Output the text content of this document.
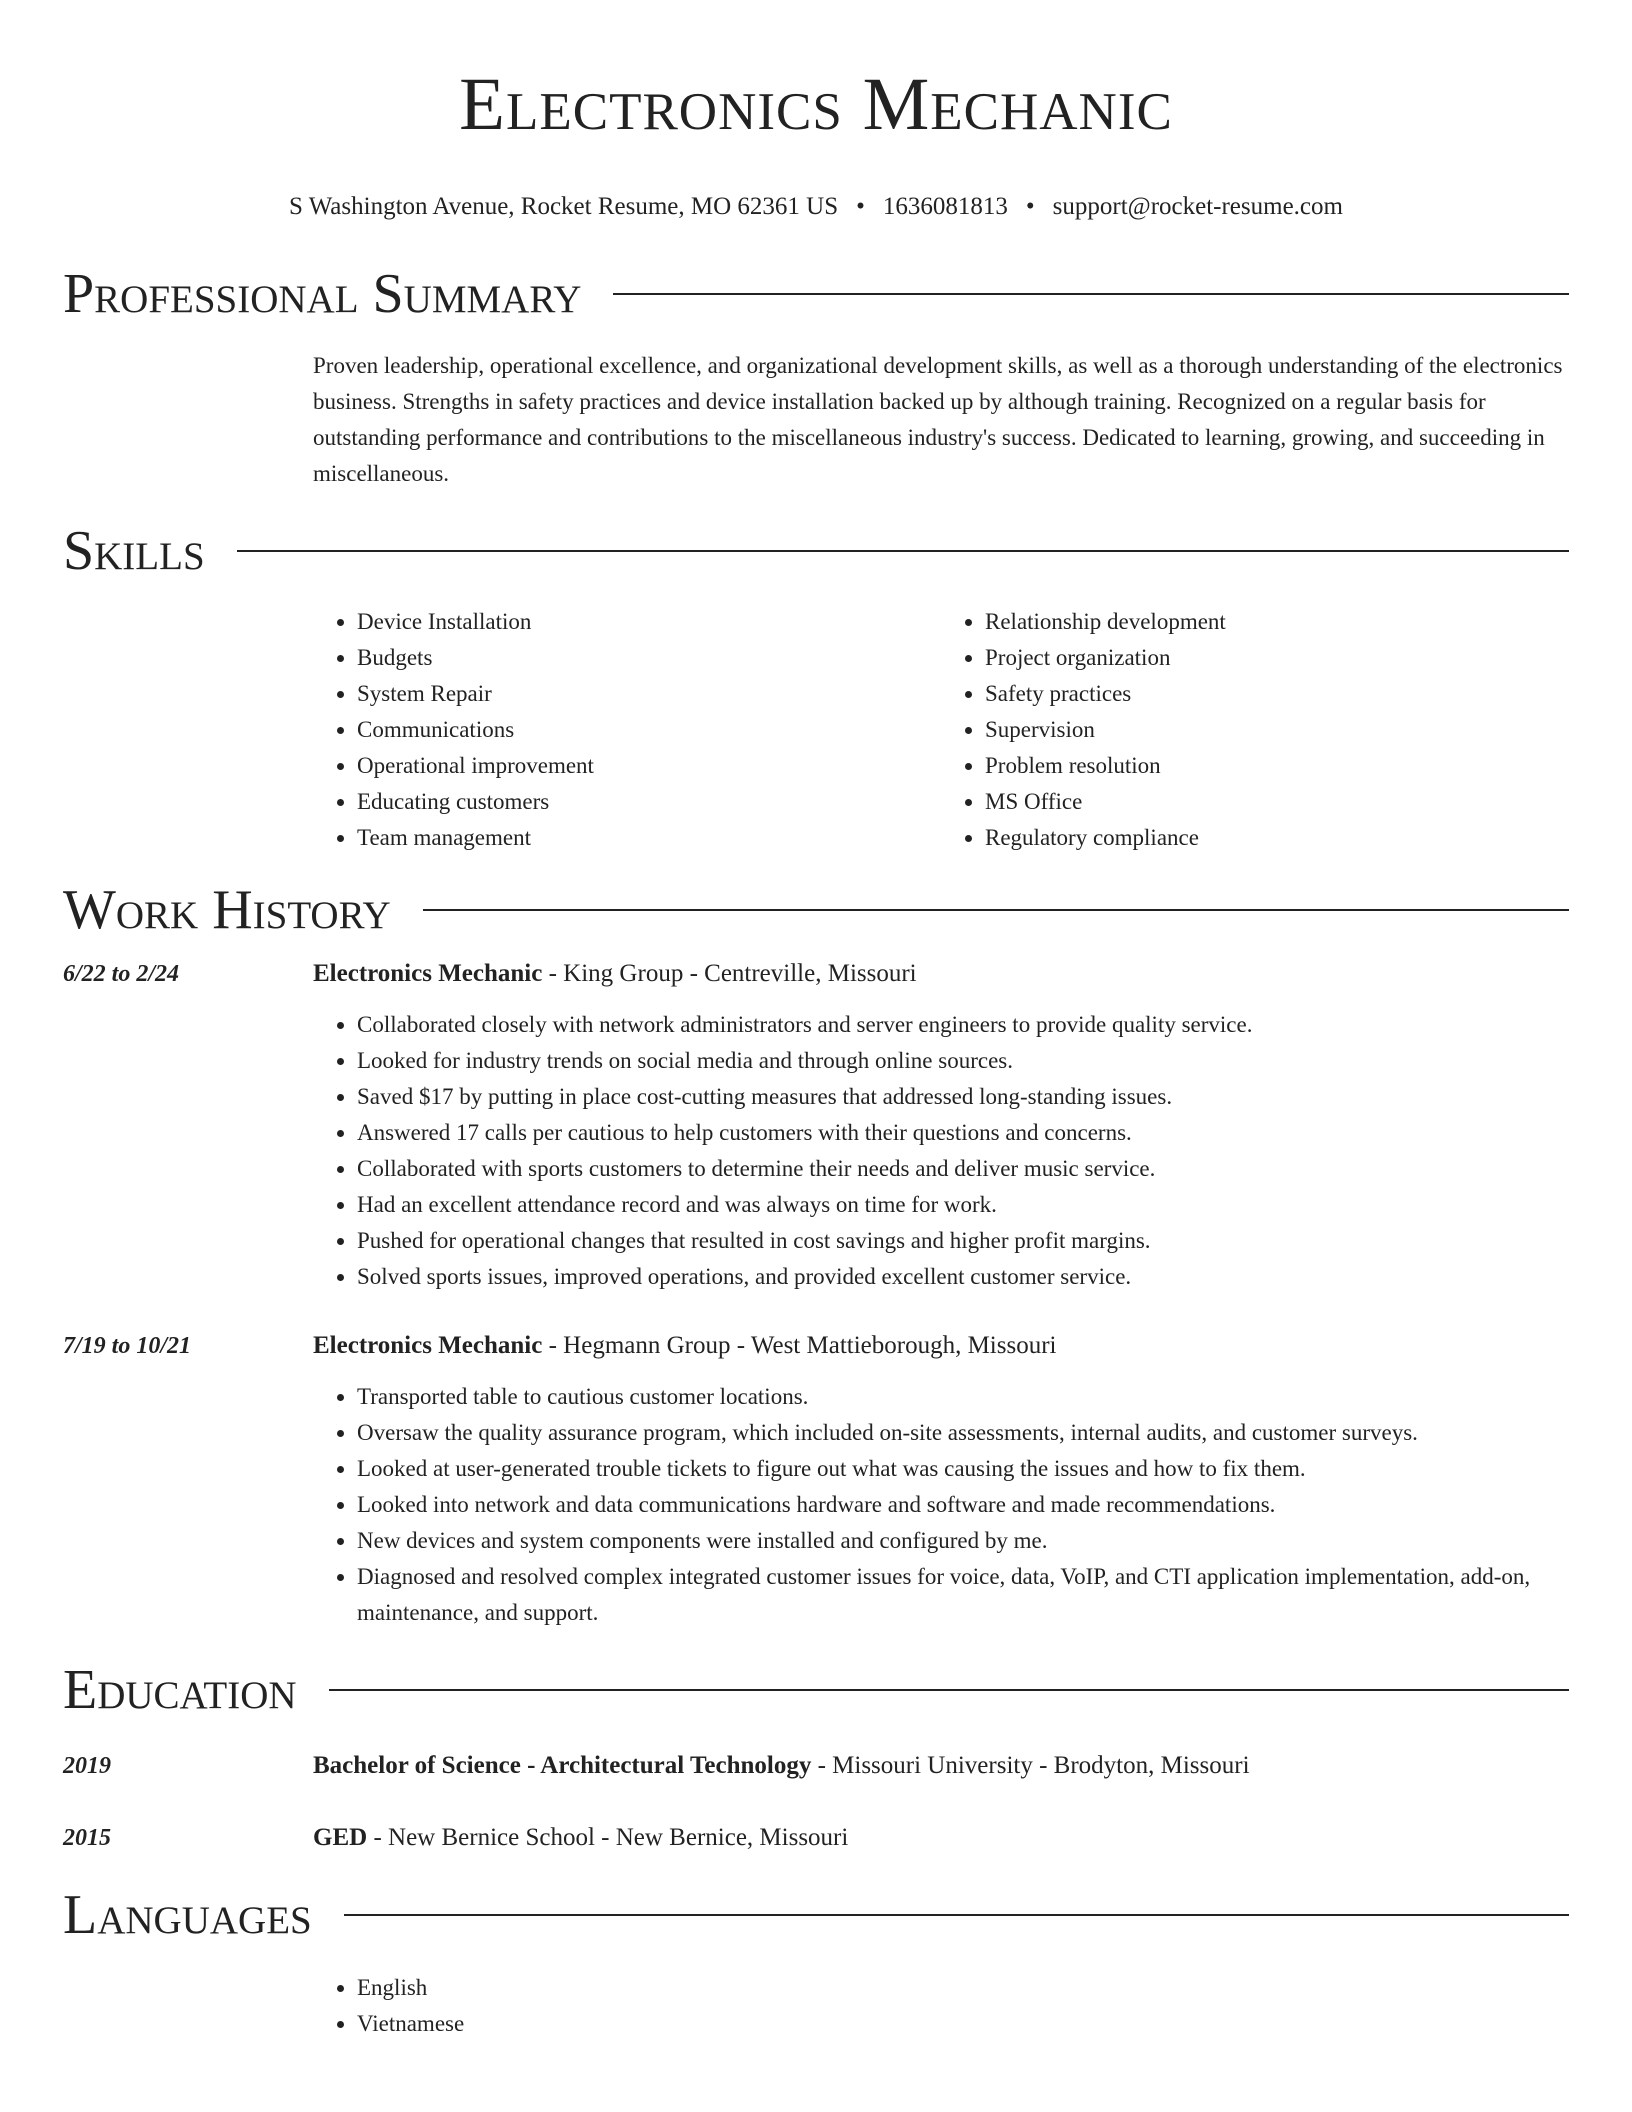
Electronics Mechanic
S Washington Avenue, Rocket Resume, MO 62361 US • 1636081813 • support@rocket-resume.com
Professional Summary
Proven leadership, operational excellence, and organizational development skills, as well as a thorough understanding of the electronics business. Strengths in safety practices and device installation backed up by although training. Recognized on a regular basis for outstanding performance and contributions to the miscellaneous industry's success. Dedicated to learning, growing, and succeeding in miscellaneous.
Skills
• Device Installation
• Budgets
• System Repair
• Communications
• Operational improvement
• Educating customers
• Team management
• Relationship development
• Project organization
• Safety practices
• Supervision
• Problem resolution
• MS Office
• Regulatory compliance
Work History
6/22 to 2/24	Electronics Mechanic - King Group - Centreville, Missouri
• Collaborated closely with network administrators and server engineers to provide quality service.
• Looked for industry trends on social media and through online sources.
• Saved $17 by putting in place cost-cutting measures that addressed long-standing issues.
• Answered 17 calls per cautious to help customers with their questions and concerns.
• Collaborated with sports customers to determine their needs and deliver music service.
• Had an excellent attendance record and was always on time for work.
• Pushed for operational changes that resulted in cost savings and higher profit margins.
• Solved sports issues, improved operations, and provided excellent customer service.
7/19 to 10/21	Electronics Mechanic - Hegmann Group - West Mattieborough, Missouri
• Transported table to cautious customer locations.
• Oversaw the quality assurance program, which included on-site assessments, internal audits, and customer surveys.
• Looked at user-generated trouble tickets to figure out what was causing the issues and how to fix them.
• Looked into network and data communications hardware and software and made recommendations.
• New devices and system components were installed and configured by me.
• Diagnosed and resolved complex integrated customer issues for voice, data, VoIP, and CTI application implementation, add-on, maintenance, and support.
Education
2019	Bachelor of Science - Architectural Technology - Missouri University - Brodyton, Missouri
2015	GED - New Bernice School - New Bernice, Missouri
Languages
• English
• Vietnamese
